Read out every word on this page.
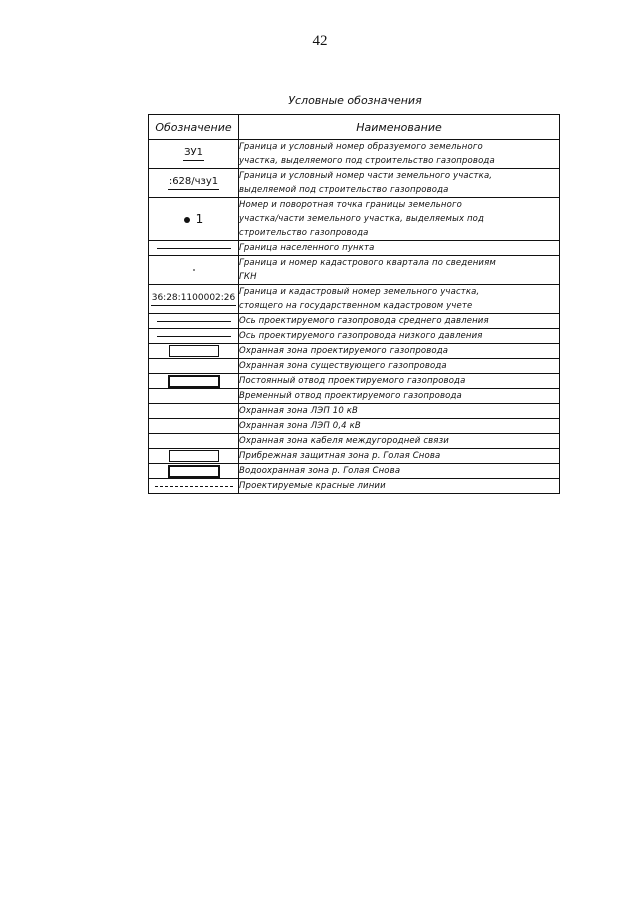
42
Условные обозначения
Обозначение	Наименование
ЗУ1	Граница и условный номер образуемого земельного
участка, выделяемого под строительство газопровода

:628/чзу1	Граница и условный номер части земельного участка,
выделяемой под строительство газопровода

1	Номер и поворотная точка границы земельного
участка/части земельного участка, выделяемых под
строительство газопровода

	Граница населенного пункта

	Граница и номер кадастрового квартала по сведениям
ГКН

36:28:1100002:26	Граница и кадастровый номер земельного участка,
стоящего на государственном кадастровом учете

	Ось проектируемого газопровода среднего давления

	Ось проектируемого газопровода низкого давления

	Охранная зона проектируемого газопровода

	Охранная зона существующего газопровода

	Постоянный отвод проектируемого газопровода

	Временный отвод проектируемого газопровода

	Охранная зона ЛЭП 10 кВ

	Охранная зона ЛЭП 0,4 кВ

	Охранная зона кабеля междугородней связи

	Прибрежная защитная зона р. Голая Снова

	Водоохранная зона р. Голая Снова

	Проектируемые красные линии
